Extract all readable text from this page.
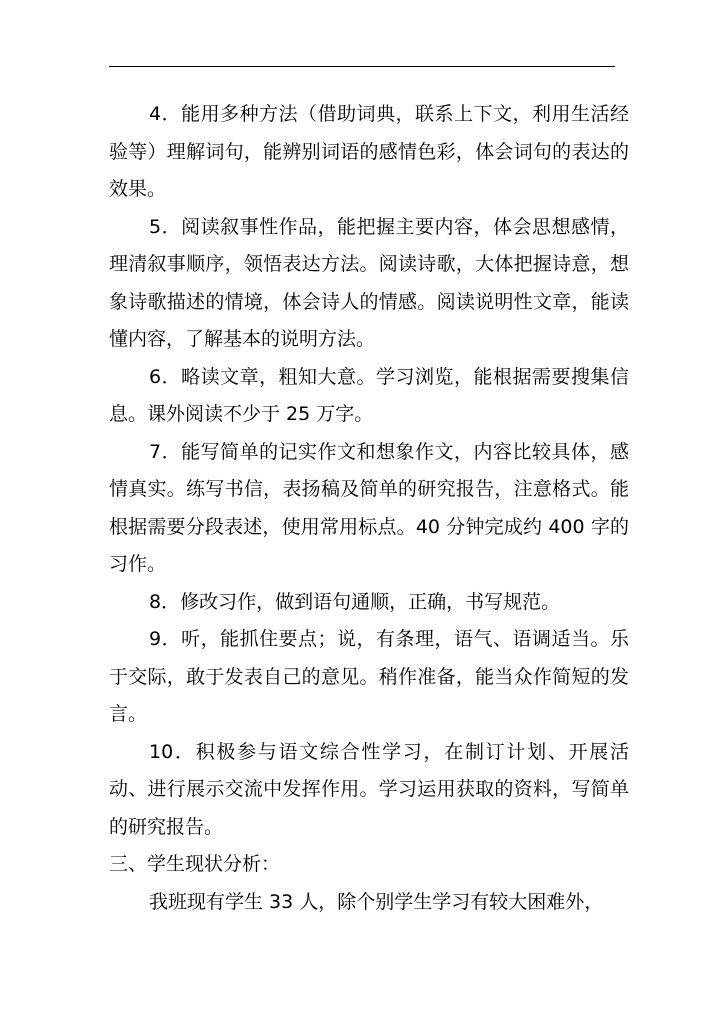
4．能用多种方法（借助词典，联系上下文，利用生活经验等）理解词句，能辨别词语的感情色彩，体会词句的表达的效果。

5．阅读叙事性作品，能把握主要内容，体会思想感情，理清叙事顺序，领悟表达方法。阅读诗歌，大体把握诗意，想象诗歌描述的情境，体会诗人的情感。阅读说明性文章，能读懂内容，了解基本的说明方法。

6．略读文章，粗知大意。学习浏览，能根据需要搜集信息。课外阅读不少于 25 万字。

7．能写简单的记实作文和想象作文，内容比较具体，感情真实。练写书信，表扬稿及简单的研究报告，注意格式。能根据需要分段表述，使用常用标点。40 分钟完成约 400 字的习作。

8．修改习作，做到语句通顺，正确，书写规范。

9．听，能抓住要点；说，有条理，语气、语调适当。乐于交际，敢于发表自己的意见。稍作准备，能当众作简短的发言。

10．积极参与语文综合性学习，在制订计划、开展活动、进行展示交流中发挥作用。学习运用获取的资料，写简单的研究报告。

三、学生现状分析：

我班现有学生 33 人，除个别学生学习有较大困难外，
